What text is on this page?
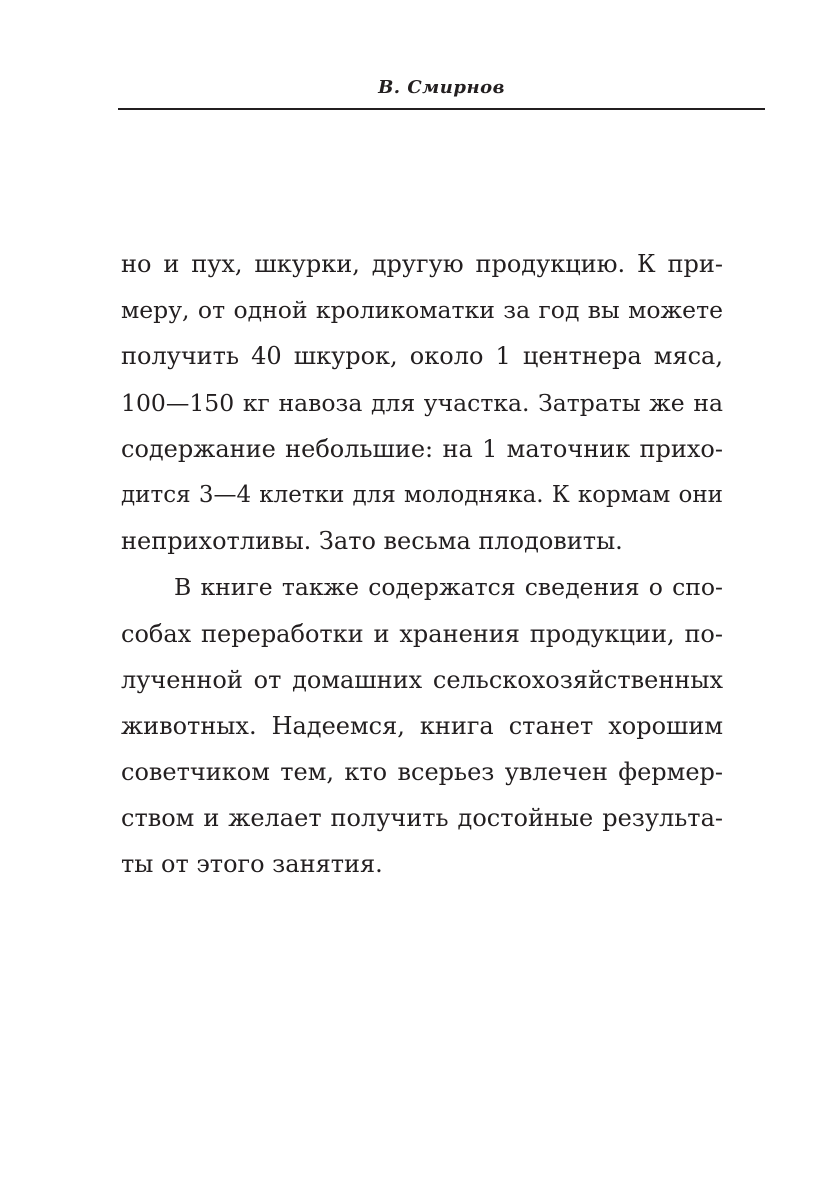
В. Смирнов
но и пух, шкурки, другую продукцию. К при-
меру, от одной кроликоматки за год вы можете
получить 40 шкурок, около 1 центнера мяса,
100—150 кг навоза для участка. Затраты же на
содержание небольшие: на 1 маточник прихо-
дится 3—4 клетки для молодняка. К кормам они
неприхотливы. Зато весьма плодовиты.
В книге также содержатся сведения о спо-
собах переработки и хранения продукции, по-
лученной от домашних сельскохозяйственных
животных. Надеемся, книга станет хорошим
советчиком тем, кто всерьез увлечен фермер-
ством и желает получить достойные результа-
ты от этого занятия.
